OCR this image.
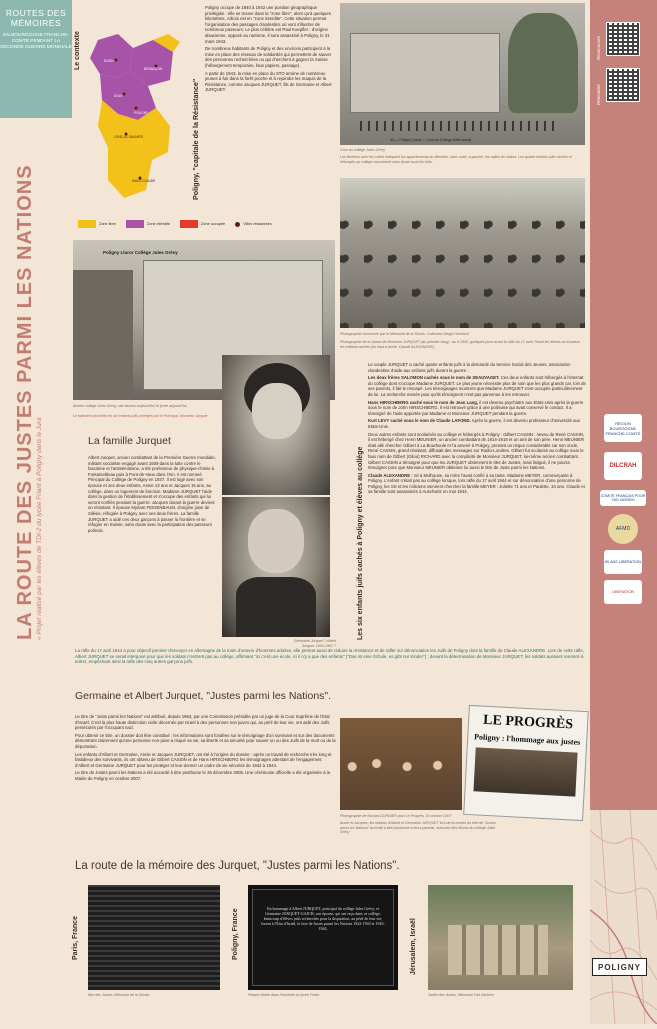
ROUTES DES MÉMOIRES
EN BOURGOGNE FRANCHE-COMTÉ PENDANT LA SECONDE GUERRE MONDIALE
LA ROUTE DES JUSTES PARMI LES NATIONS « Projet réalisé par les élèves de TDI-2 du lycée Friant à Poligny dans le Jura
Le contexte	DIJON
BESANÇON
DOLE
POLIGNY
LONS-LE-SAUNIER
SAINT-CLAUDE
Zone libre	Zone interdite	Zone occupée	Villes résistantes
Poligny, "capitale de la Résistance"

Poligny occupe de 1940 à 1942 une position géographique privilégiée : elle se trouve dans la "zone libre", alors qu'à quelques kilomètres, Arbois est en "zone interdite". Cette situation permet l'organisation des passages clandestins où vont s'illustrer de nombreux passeurs. Le plus célèbre est Paul Koepfler : d'origine alsacienne, opposé au nazisme, il sera assassiné à Poligny, le 31 mars 1943.

De nombreux habitants de Poligny et des environs participent à la mise en place des réseaux de solidarités qui permettent de sauver des personnes recherchées ou qui cherchent à gagner la Suisse (hébergement temporaire, faux papiers, passage).

A partir de 1943, la mise en place du STO amène de nombreux jeunes à fuir dans la forêt proche et à rejoindre les maquis de la Résistance, comme Jacques JURQUET, fils de Germaine et Albert JURQUET.

33 — Poligny (Jura) — Cour du Collège (côté ouest)
Cour du collège Jules Grévy
Les fenêtres avec les volets indiquent les appartements du directeur, sans volet, à gauche, les salles de classe. Les quatre enfants juifs cachés et hébergés au collège coucheront sans doute sous les toits.
Photographie conservée par le Mémorial de la Shoah. Collection Serge Harreboil
Photographie de la classe de Monsieur JURQUET (au premier rang) ; au 6 1943, quelques jours avant la rafle du 17 avril. Parmi les élèves se trouvent les enfants cachés (en haut à droite, Claude ALEXANDRE).
Poligny Lluror Collège Jules Grévy
Ancien collège Jules Grévy, site devenu aujourd'hui le lycée aujourd'hui
Le bâtiment accueille les six enfants juifs protégés par le Principal, Monsieur Jurquet
Germaine Jurquet ? Albert Jurquet, 1904-1967 ?
La famille Jurquet
Albert Jurquet, ancien combattant de la Première Guerre mondiale, militant socialiste engagé avant 1939 dans la lutte contre le fascisme et l'antisémitisme, a été professeur de physique-chimie à Fontainebleau puis à Pont-de-Vaux dans l'Ain. Il est nommé Principal du Collège de Poligny en 1937. Il est logé avec son épouse et ses deux enfants, Annie 13 ans et Jacques 15 ans, au collège, dans un logement de fonction. Madame JURQUET l'aide dans la gestion de l'établissement et s'occupe des enfants qui lui seront confiés pendant la guerre. Jacques durant la guerre devient un résistant. Il épouse Myriam FEIGENBAUM, d'origine juive de Silésie, réfugiée à Poligny avec ses deux frères. La famille JURQUET a aidé ces deux garçons à passer la frontière et se réfugier en Suisse, sans doute avec la participation des passeurs polinois.	Les six enfants juifs cachés à Poligny et élèves au collège

Le couple JURQUET a caché quatre enfants juifs à la demande du Service Social des Jeunes, association clandestine d'aide aux enfants juifs durant la guerre :

Les deux frères SALOMON cachés sous le nom de SEAUVAGET. Ces deux enfants sont hébergés à l'internat du collège dont s'occupe Madame JURQUET. Le plus jeune nécessite plus de soin que les plus grands car, loin de ses parents, il fait le rescapé. Les témoignages montrent que Madame JURQUET s'est occupée particulièrement de lui. La recherche menée pour qu'ils témoignent n'est pas parvenue à les retrouver.

Hans HIRSCHBERG caché sous le nom de Jean Lang, il est devenu psychiatre aux Etats-Unis après la guerre sous le nom de John HIRSCHBERG. Il est retrouvé grâce à une polinoise qui avait conservé le contact. Il a témoigné de l'aide apportée par Madame et Monsieur JURQUET pendant la guerre.

Kurt LEVY caché sous le nom de Claude LAFOND. Après la guerre, il est devenu professeur d'université aux Etats-Unis.

Deux autres enfants sont scolarisés au collège et hébergés à Poligny : Gilbert CASSIN : neveu de René CASSIN, il est hébergé chez Henri MEUNIER, un ancien combattant de 1914-1918 et un ami de son père. Henri MEUNIER était allé chercher Gilbert à La Bourboule et l'a amené à Poligny, prenant un risque considérable car son oncle, René CASSIN, grand résistant, diffusait des messages sur Radio-Londres. Gilbert fut scolarisé au collège sous le faux nom de Gilbert (Gilou) RICHARD avec la complicité de Monsieur JURQUET, lui-même ancien combattant. Gilbert CASSIN a témoigné pour que les JURQUET obtiennent le titre de Justes, mais fatigué, il ne pourra témoigner pour que Monsieur MEUNIER obtienne lui aussi le titre de Juste parmi les Nations.

Claude ALEXANDRE : né à Mulhouse, sa mère l'avait confié à sa tante, Madame MEYER, commerçante à Poligny. L'enfant n'était pas au collège lorsque, lors rafle du 17 avril 1944 et sur dénonciation d'une personne de Poligny, les SS et les miliciens viennent chercher la famille MEYER : Juliette 71 ans et Paulette, 34 ans. Claude et sa famille sont assassinés à Auschwitz en mai 1944.

La rafle du 17 avril 1944 a pour objectif premier d'envoyer en Allemagne de la main d'oeuvre d'hommes adultes, elle permet aussi de réduire la résistance et de rafler sur dénonciation les Juifs de Poligny dont la famille de Claude ALEXANDRE. Lors de cette rafle, Albert JURQUET se serait interposé pour que les soldats n'entrent pas au collège, affirmant "ici c'est une école, ici il n'y a que des enfants" ("Das ist eine Schule, es gibt nur Kinder") ; devant la détermination de Monsieur JURQUET, les soldats auraient renoncé à entrer, empêchant ainsi la rafle des cinq autres garçons juifs.
Germaine et Albert Jurquet, "Justes parmi les Nations".

Le titre de "Juste parmi les Nations" est attribué, depuis 1963, par une Commission présidée par un juge de la Cour Suprême de l'Etat d'Israël. C'est la plus haute distinction civile décernée par Israël à des personnes non juives qui, au péril de leur vie, ont aidé des Juifs persécutés par l'occupant nazi.

Pour obtenir ce titre, un dossier doit être constitué : les informations sont fondées sur le témoignage d'un survivant et sur des documents démontrant clairement qu'une personne non-juive a risqué sa vie, sa liberté et sa sécurité pour sauver un ou des Juifs de la mort ou de la déportation.

Les enfants d'Albert et Germaine, Annie et Jacques JURQUET, ont été à l'origine du dossier : après un travail de recherche très long et fastidieux des survivants, ils ont obtenu de Gilbert CASSIN et de Hans HIRSCHBERG les témoignages attestant de l'engagement d'Albert et Germaine JURQUET pour les protéger et leur donner un cadre de vie sécurisé de 1942 à 1944.

Le titre de Justes parmi les Nations a été accordé à titre posthume le 26 décembre 2005. Une cérémonie officielle a été organisée à la Mairie de Poligny en octobre 2007.

LE PROGRÈS
Poligny : l'hommage aux justes
Photographie de Nicolas DORNIER pour Le Progrès, 10 octobre 2007
Annie et Jacques, les enfants d'Albert et Germaine JURQUET lors de la remise du titre de "Justes parmi les Nations" accordé à titre posthume à leurs parents, entourés des élèves du collège Jules Grévy
La route de la mémoire des Jurquet, "Justes parmi les Nations".
Paris, France
Mur des Justes, Mémorial de la Shoah
Poligny, France	En hommage à Albert JURQUET, principal du collège Jules Grévy, et Germaine JURQUET-GAJCH, son épouse, qui ont reçu dans ce collège, beaucoup d'élèves juifs recherchés pour la disparition, au péril de leur vie, furent à l'Etat d'Israël, le titre de Justes parmi les Nations 1942-1943 et 1943-1944.
Plaque située dans l'enceinte du lycée Friant
Jérusalem, Israël
Jardin des Justes, Mémorial Yad Vashem
POLIGNY
Ressources
Rencontre
RÉGION BOURGOGNE FRANCHE-COMTÉ
DILCRAH
COMITÉ FRANÇAIS POUR YAD VASHEM
AFMD
80 ANS LIBÉRATION
LIBÉRATION
